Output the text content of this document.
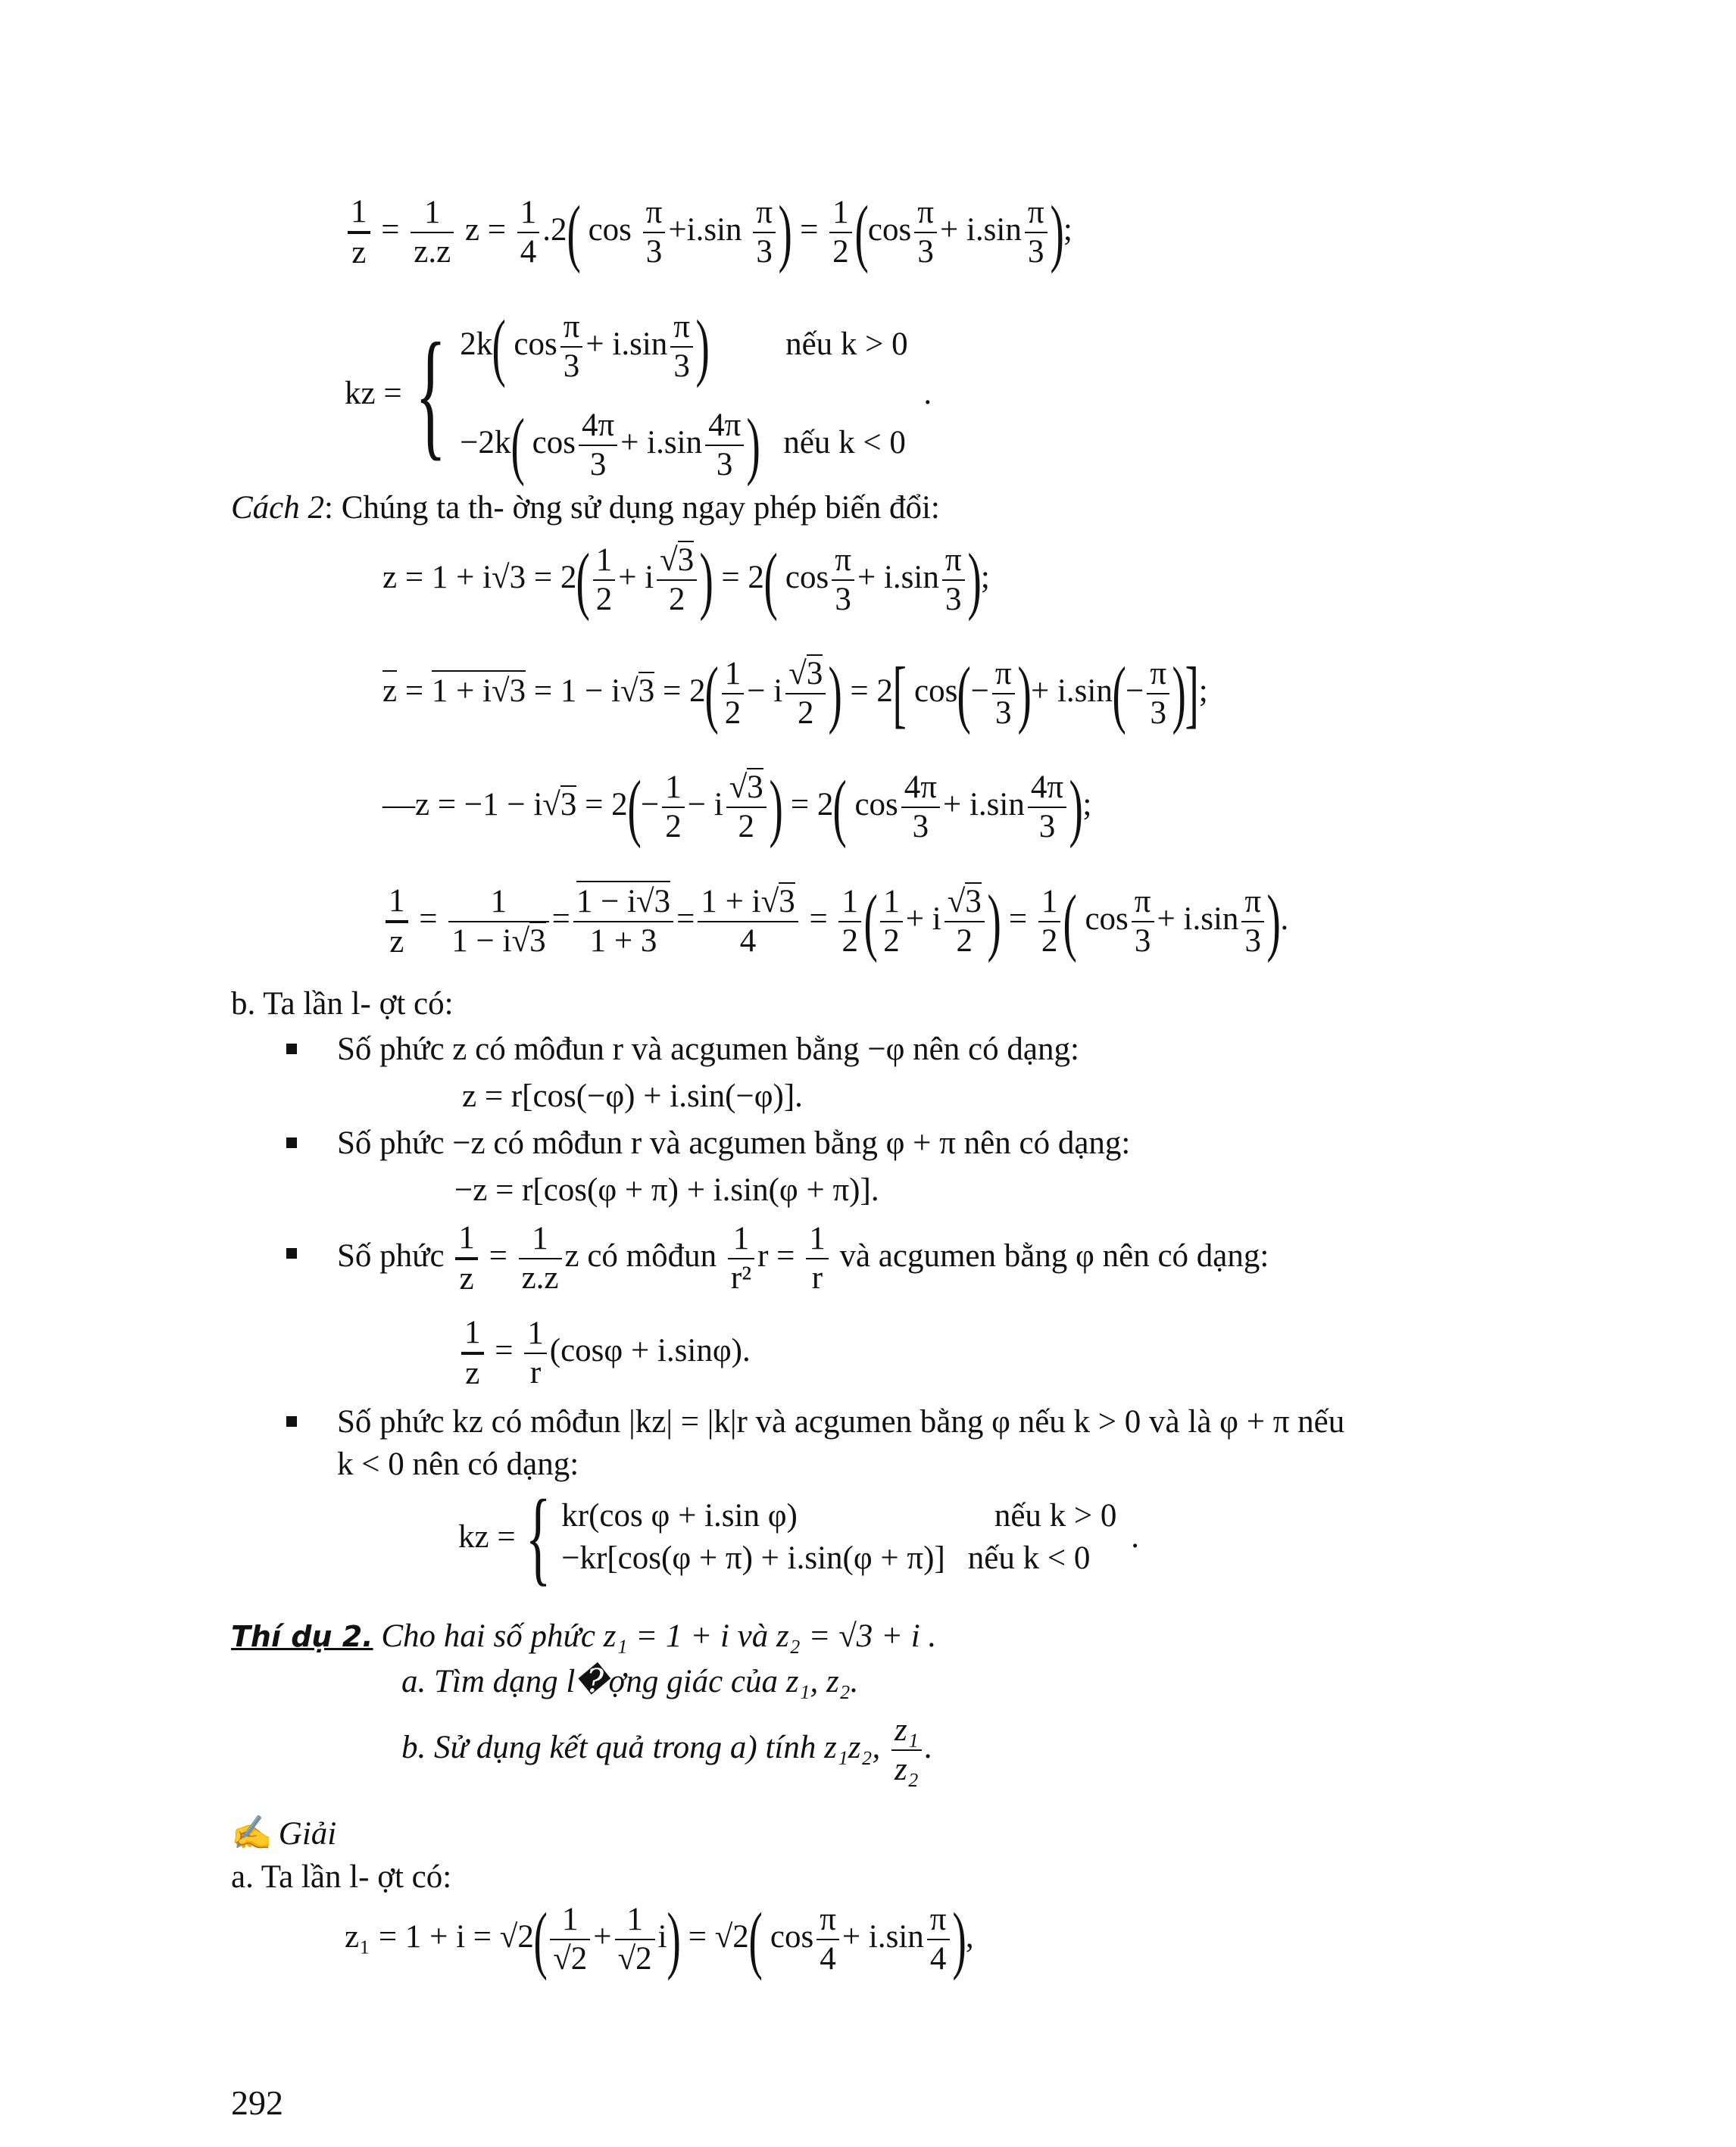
$\frac{1}{z} = \frac{1}{z.z}$ $z = \frac{1}{4} .2$( $\cos \frac{\pi}{3} +i.\sin \frac{\pi}{3}$ ) = $\frac{1}{2} (\cos \frac{\pi}{3} + i.\sin \frac{\pi}{3}$ );
kz = { 2k( $\cos \frac{\pi}{3} + i.\sin \frac{\pi}{3}$ ) nếu k > 0
−2k( $\cos \frac{4\pi}{3} + i.\sin \frac{4\pi}{3}$ ) nếu k < 0
.
Cách 2: Chúng ta th- ờng sử dụng ngay phép biến đổi:
$z = 1 + i√3 = 2( \frac{1}{2} + i \frac{√3}{2}$ ) = 2( $\cos \frac{\pi}{3} + i.\sin \frac{\pi}{3}$ );
$z = 1 + i√3 = 1 - i√3 = 2( \frac{1}{2} - i \frac{√3}{2}$ ) = 2[ $\cos(- \frac{\pi}{3}$ )+ $i.\sin(- \frac{\pi}{3}$ )];
—z = $-1 - i√3 = 2(- \frac{1}{2} - i \frac{√3}{2}$ ) = 2( $\cos \frac{4\pi}{3} + i.\sin \frac{4\pi}{3}$ );
$\frac{1}{z} = \frac{1}{1 - i√3} = \frac{1 - i√3}{1 + 3} = \frac{1 + i√3}{4} = \frac{1}{2}$ ( $\frac{1}{2} + i \frac{√3}{2}$ ) = $\frac{1}{2}$ ( $\cos \frac{\pi}{3} + i.\sin \frac{\pi}{3}$ ).
b. Ta lần l- ợt có:
Số phức z có môđun r và acgumen bằng −φ nên có dạng:
z = r[cos(−φ) + i.sin(−φ)].
Số phức −z có môđun r và acgumen bằng φ + π nên có dạng:
−z = r[cos(φ + π) + i.sin(φ + π)].
Số phức $\frac{1}{z} = \frac{1}{z.z}$ z có môđun $\frac{1}{\text{r²}}$ $r = \frac{1}{r}$ và acgumen bằng φ nên có dạng:
$\frac{1}{z} = \frac{1}{r} (\cos\varphi + i.\sin\varphi)$.
Số phức kz có môđun |kz| = |k|r và acgumen bằng φ nếu k > 0 và là φ + π nếu
k < 0 nên có dạng:
kz = { kr(cos φ + i.sin φ)	nếu k > 0
−kr[cos(φ + π) + i.sin(φ + π)] nếu k < 0
.
Thí dụ 2. Cho hai số phức z₁ = 1 + i và z₂ = √3 + i .
a. Tìm dạng l�ợng giác của z₁, z₂.
b. Sử dụng kết quả trong a) tính z₁z₂, $\frac{\text{z₁}}{\text{z₂}}$ .
✍ Giải
a. Ta lần l- ợt có:
$z_1 = 1 + i = √2( \frac{1}{√2} + \frac{1}{√2} i) = √2$( $\cos \frac{\pi}{4} + i.\sin \frac{\pi}{4}$ ),
292
